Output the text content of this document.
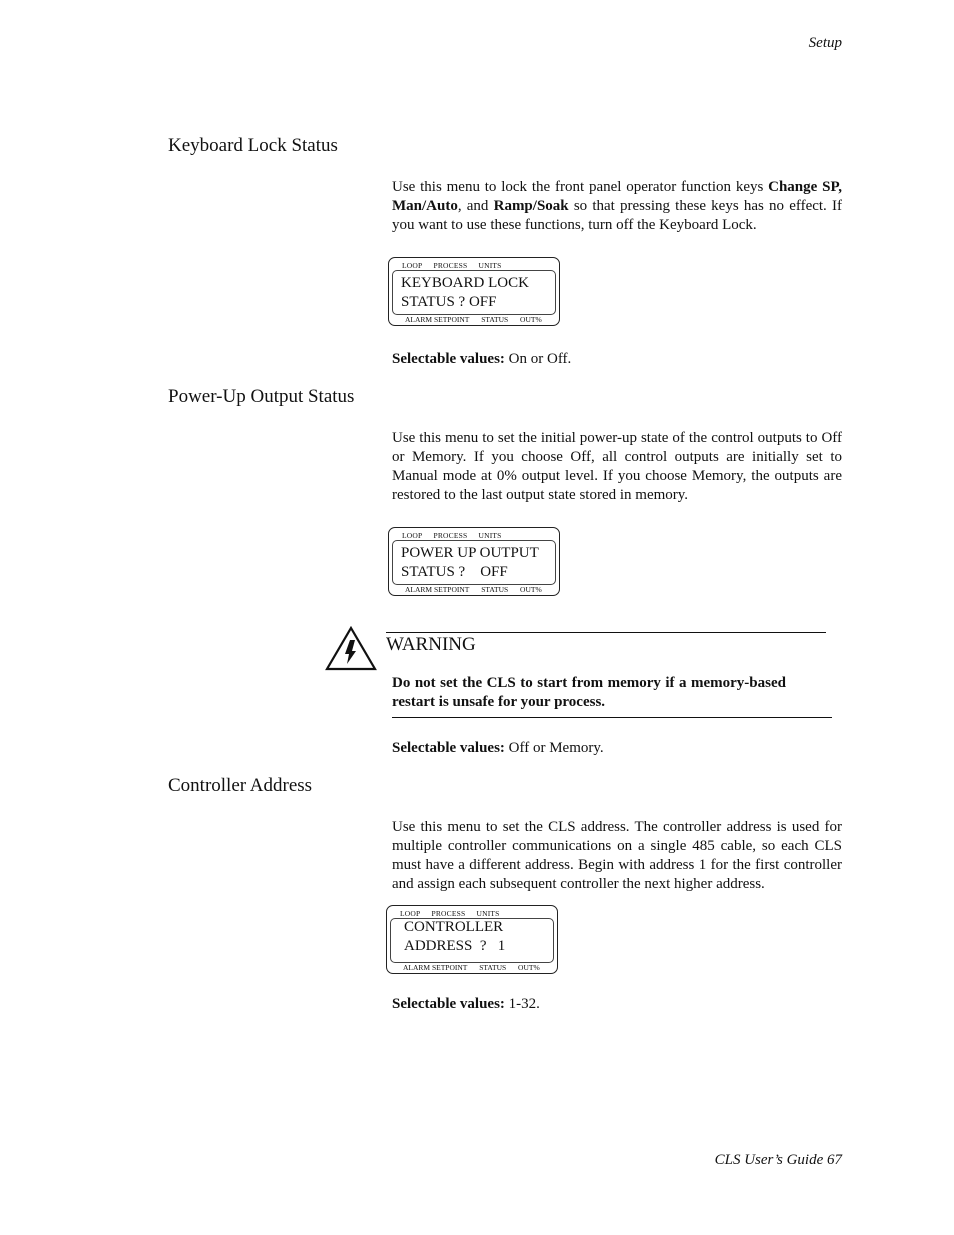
Setup
CLS User’s Guide 67
Keyboard Lock Status
Use this menu to lock the front panel operator function keys Change SP, Man/Auto, and Ramp/Soak so that pressing these keys has no effect. If you want to use these functions, turn off the Keyboard Lock.
LOOP PROCESS UNITS
KEYBOARD LOCK
STATUS ? OFF
ALARM SETPOINT STATUS OUT%
Selectable values: On or Off.
Power-Up Output Status
Use this menu to set the initial power-up state of the control outputs to Off or Memory. If you choose Off, all control outputs are initially set to Manual mode at 0% output level. If you choose Memory, the outputs are restored to the last output state stored in memory.
LOOP PROCESS UNITS
POWER UP OUTPUT
STATUS ?    OFF
ALARM SETPOINT STATUS OUT%
WARNING
Do not set the CLS to start from memory if a memory-based restart is unsafe for your process.
Selectable values: Off or Memory.
Controller Address
Use this menu to set the CLS address. The controller address is used for multiple controller communications on a single 485 cable, so each CLS must have a different address. Begin with address 1 for the first controller and assign each subsequent controller the next higher address.
LOOP PROCESS UNITS
CONTROLLER
ADDRESS  ?   1
ALARM SETPOINT STATUS OUT%
Selectable values: 1-32.
